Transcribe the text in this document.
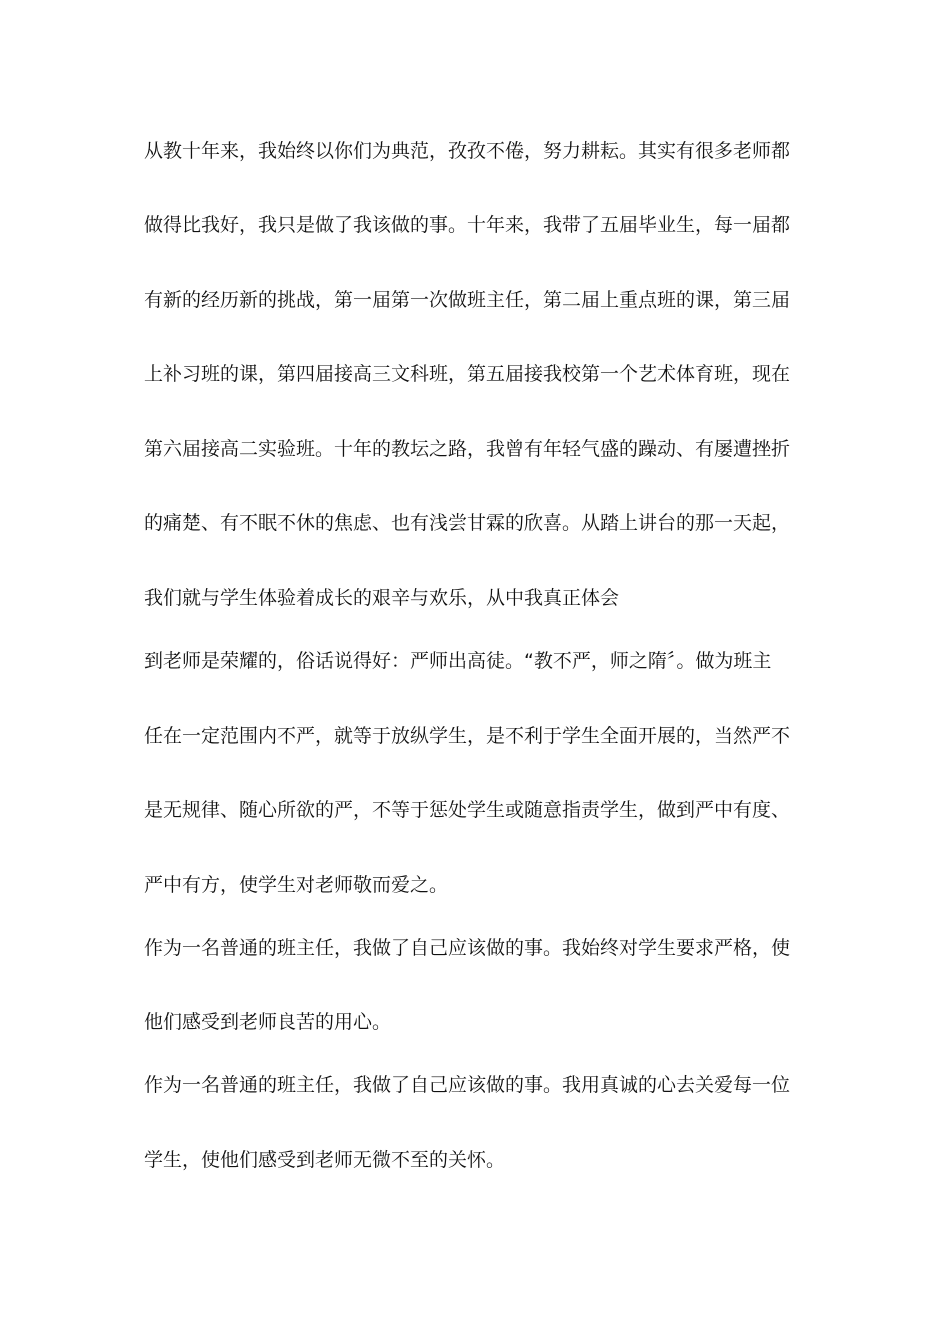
从教十年来，我始终以你们为典范，孜孜不倦，努力耕耘。其实有很多老师都
做得比我好，我只是做了我该做的事。十年来，我带了五届毕业生，每一届都
有新的经历新的挑战，第一届第一次做班主任，第二届上重点班的课，第三届
上补习班的课，第四届接高三文科班，第五届接我校第一个艺术体育班，现在
第六届接高二实验班。十年的教坛之路，我曾有年轻气盛的躁动、有屡遭挫折
的痛楚、有不眠不休的焦虑、也有浅尝甘霖的欣喜。从踏上讲台的那一天起，
我们就与学生体验着成长的艰辛与欢乐，从中我真正体会
到老师是荣耀的，俗话说得好：严师出高徒。“教不严，师之隋〞。做为班主
任在一定范围内不严，就等于放纵学生，是不利于学生全面开展的，当然严不
是无规律、随心所欲的严，不等于惩处学生或随意指责学生，做到严中有度、
严中有方，使学生对老师敬而爱之。
作为一名普通的班主任，我做了自己应该做的事。我始终对学生要求严格，使
他们感受到老师良苦的用心。
作为一名普通的班主任，我做了自己应该做的事。我用真诚的心去关爱每一位
学生，使他们感受到老师无微不至的关怀。
